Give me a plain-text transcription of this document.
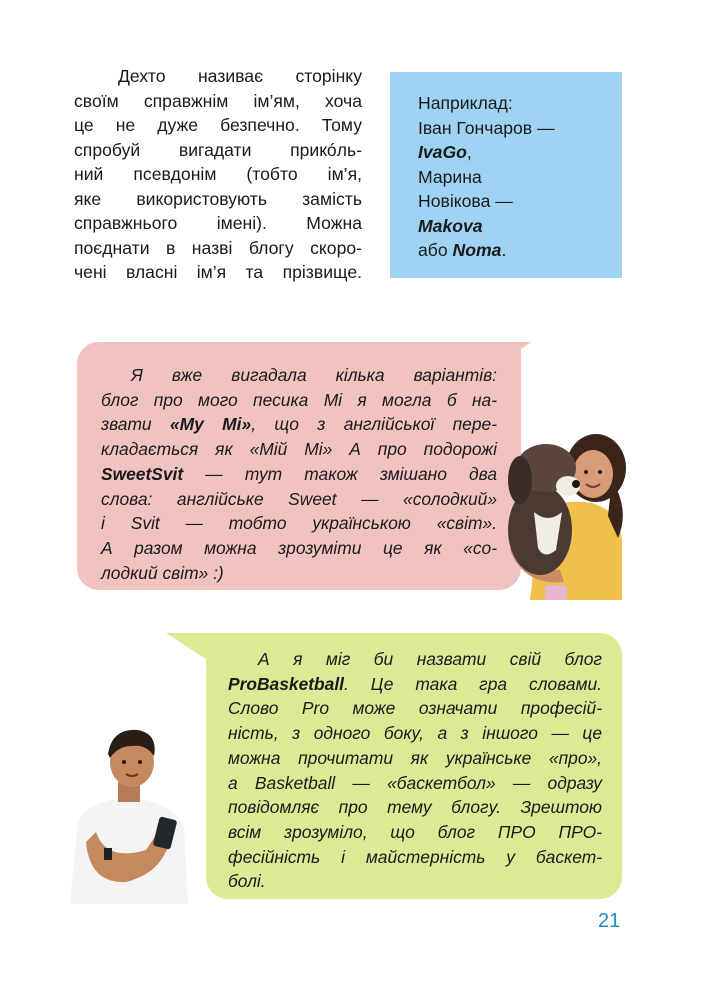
Дехто називає сторінку
своїм справжнім ім’ям, хоча
це не дуже безпечно. Тому
спробуй вигадати прикóль-
ний псевдонім (тобто ім’я,
яке використовують замість
справжнього імені). Можна
поєднати в назві блогу скоро-
чені власні ім’я та прізвище.
Наприклад:
Іван Гончаров —
IvaGo,
Марина
Новікова —
Makova
або Noma.
Я вже вигадала кілька варіантів:
блог про мого песика Мі я могла б на-
звати «My Mi», що з англійської пере-
кладається як «Мій Мі» А про подорожі
SweetSvit — тут також змішано два
слова: англійське Sweet — «солодкий»
і Svit — тобто українською «світ».
А разом можна зрозуміти це як «со-
лодкий світ» :)
А я міг би назвати свій блог
ProBasketball. Це така гра словами.
Слово Pro може означати професій-
ність, з одного боку, а з іншого — це
можна прочитати як українське «про»,
а Basketball — «баскетбол» — одразу
повідомляє про тему блогу. Зрештою
всім зрозуміло, що блог ПРО ПРО-
фесійність і майстерність у баскет-
болі.
21
